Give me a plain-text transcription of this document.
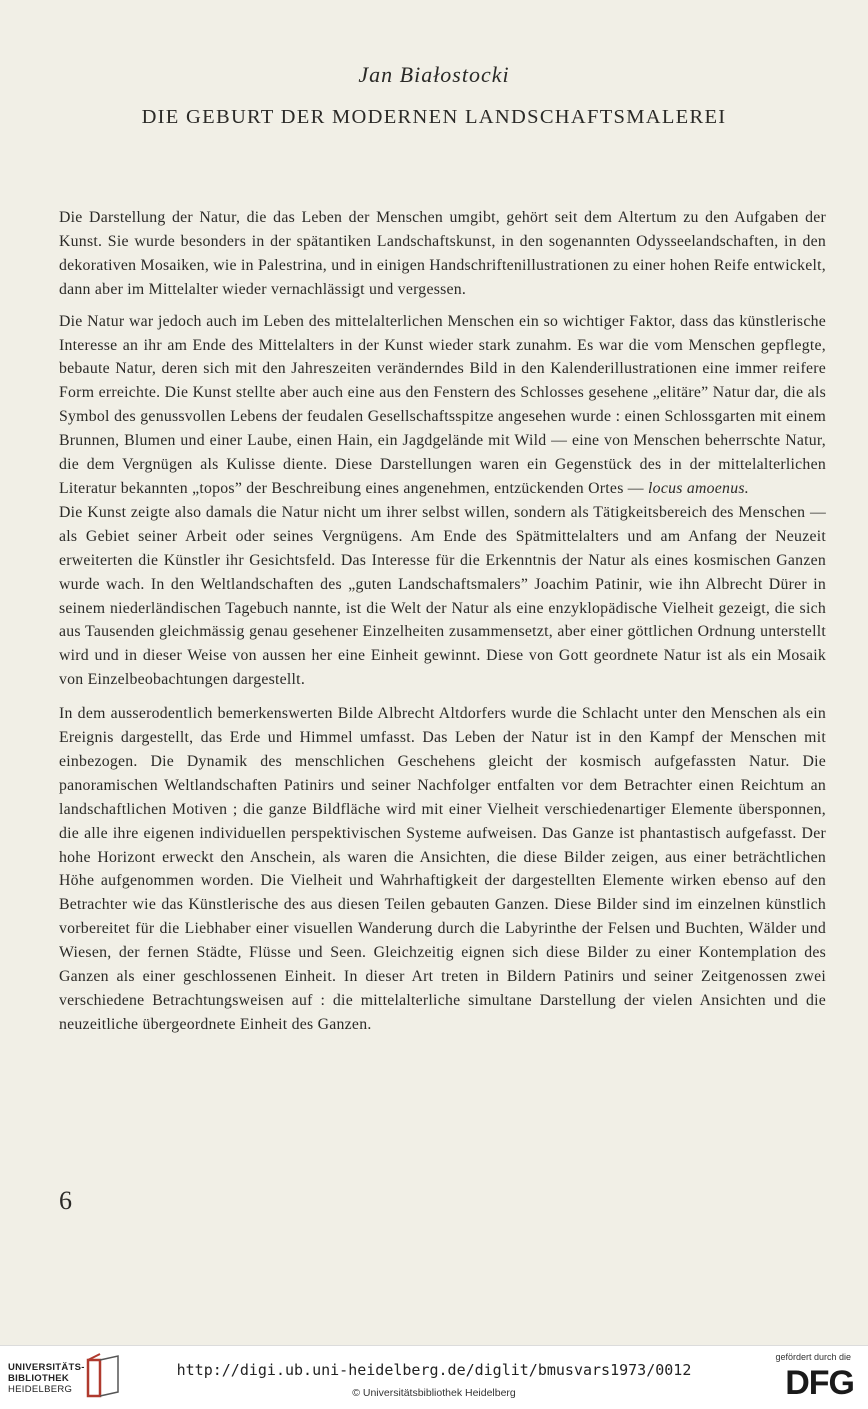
Jan Białostocki
DIE GEBURT DER MODERNEN LANDSCHAFTSMALEREI

Die Darstellung der Natur, die das Leben der Menschen umgibt, gehört seit dem Altertum zu den Aufgaben der Kunst. Sie wurde besonders in der spätantiken Landschaftskunst, in den sogenannten Odysseelandschaften, in den dekorativen Mosaiken, wie in Palestrina, und in einigen Handschriftenillustrationen zu einer hohen Reife entwickelt, dann aber im Mittelalter wieder vernachlässigt und vergessen.

Die Natur war jedoch auch im Leben des mittelalterlichen Menschen ein so wichtiger Faktor, dass das künstlerische Interesse an ihr am Ende des Mittelalters in der Kunst wieder stark zunahm. Es war die vom Menschen gepflegte, bebaute Natur, deren sich mit den Jahreszeiten veränderndes Bild in den Kalenderillustrationen eine immer reifere Form erreichte. Die Kunst stellte aber auch eine aus den Fenstern des Schlosses gesehene „elitäre” Natur dar, die als Symbol des genussvollen Lebens der feudalen Gesellschaftsspitze angesehen wurde : einen Schlossgarten mit einem Brunnen, Blumen und einer Laube, einen Hain, ein Jagdgelände mit Wild — eine von Menschen beherrschte Natur, die dem Vergnügen als Kulisse diente. Diese Darstellungen waren ein Gegenstück des in der mittelalterlichen Literatur bekannten „topos” der Beschreibung eines angenehmen, entzückenden Ortes — locus amoenus.

Die Kunst zeigte also damals die Natur nicht um ihrer selbst willen, sondern als Tätigkeitsbereich des Menschen — als Gebiet seiner Arbeit oder seines Vergnügens. Am Ende des Spätmittelalters und am Anfang der Neuzeit erweiterten die Künstler ihr Gesichtsfeld. Das Interesse für die Erkenntnis der Natur als eines kosmischen Ganzen wurde wach. In den Weltlandschaften des „guten Landschaftsmalers” Joachim Patinir, wie ihn Albrecht Dürer in seinem niederländischen Tagebuch nannte, ist die Welt der Natur als eine enzyklopädische Vielheit gezeigt, die sich aus Tausenden gleichmässig genau gesehener Einzelheiten zusammensetzt, aber einer göttlichen Ordnung unterstellt wird und in dieser Weise von aussen her eine Einheit gewinnt. Diese von Gott geordnete Natur ist als ein Mosaik von Einzelbeobachtungen dargestellt.

In dem ausserodentlich bemerkenswerten Bilde Albrecht Altdorfers wurde die Schlacht unter den Menschen als ein Ereignis dargestellt, das Erde und Himmel umfasst. Das Leben der Natur ist in den Kampf der Menschen mit einbezogen. Die Dynamik des menschlichen Geschehens gleicht der kosmisch aufgefassten Natur. Die panoramischen Weltlandschaften Patinirs und seiner Nachfolger entfalten vor dem Betrachter einen Reichtum an landschaftlichen Motiven ; die ganze Bildfläche wird mit einer Vielheit verschiedenartiger Elemente übersponnen, die alle ihre eigenen individuellen perspektivischen Systeme aufweisen. Das Ganze ist phantastisch aufgefasst. Der hohe Horizont erweckt den Anschein, als waren die Ansichten, die diese Bilder zeigen, aus einer beträchtlichen Höhe aufgenommen worden. Die Vielheit und Wahrhaftigkeit der dargestellten Elemente wirken ebenso auf den Betrachter wie das Künstlerische des aus diesen Teilen gebauten Ganzen. Diese Bilder sind im einzelnen künstlich vorbereitet für die Liebhaber einer visuellen Wanderung durch die Labyrinthe der Felsen und Buchten, Wälder und Wiesen, der fernen Städte, Flüsse und Seen. Gleichzeitig eignen sich diese Bilder zu einer Kontemplation des Ganzen als einer geschlossenen Einheit. In dieser Art treten in Bildern Patinirs und seiner Zeitgenossen zwei verschiedene Betrachtungsweisen auf : die mittelalterliche simultane Darstellung der vielen Ansichten und die neuzeitliche übergeordnete Einheit des Ganzen.

6
UNIVERSITÄTS-
BIBLIOTHEK
HEIDELBERG
http://digi.ub.uni-heidelberg.de/diglit/bmusvars1973/0012
© Universitätsbibliothek Heidelberg
gefördert durch die
DFG
